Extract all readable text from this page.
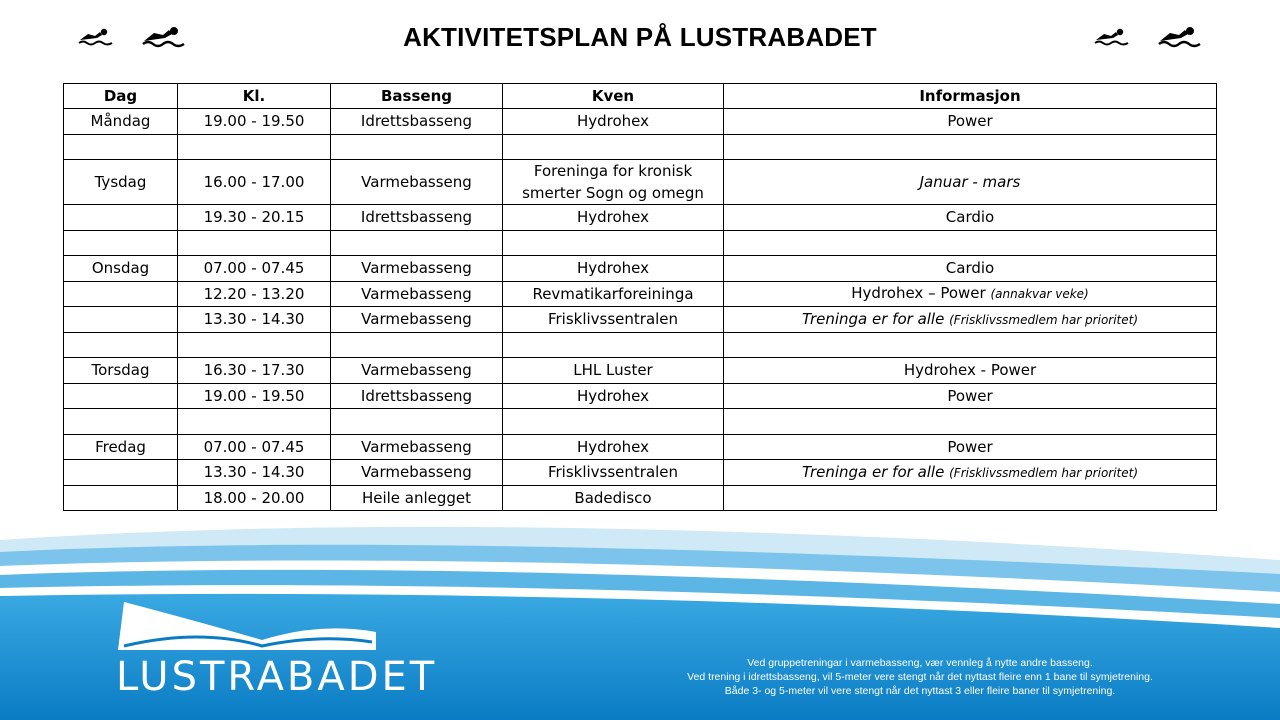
AKTIVITETSPLAN PÅ LUSTRABADET
Dag	Kl.	Basseng	Kven	Informasjon
Måndag	19.00 - 19.50	Idrettsbasseng	Hydrohex	Power

Tysdag	16.00 - 17.00	Varmebasseng	Foreninga for kronisk smerter Sogn og omegn	Januar - mars
	19.30 - 20.15	Idrettsbasseng	Hydrohex	Cardio

Onsdag	07.00 - 07.45	Varmebasseng	Hydrohex	Cardio
	12.20 - 13.20	Varmebasseng	Revmatikarforeininga	Hydrohex – Power (annakvar veke)
	13.30 - 14.30	Varmebasseng	Frisklivssentralen	Treninga er for alle (Frisklivssmedlem har prioritet)

Torsdag	16.30 - 17.30	Varmebasseng	LHL Luster	Hydrohex - Power
	19.00 - 19.50	Idrettsbasseng	Hydrohex	Power

Fredag	07.00 - 07.45	Varmebasseng	Hydrohex	Power
	13.30 - 14.30	Varmebasseng	Frisklivssentralen	Treninga er for alle (Frisklivssmedlem har prioritet)
	18.00 - 20.00	Heile anlegget	Badedisco	
LUSTRABADET	Ved gruppetreningar i varmebasseng, vær vennleg å nytte andre basseng.
Ved trening i idrettsbasseng, vil 5-meter vere stengt når det nyttast fleire enn 1 bane til symjetrening.
Både 3- og 5-meter vil vere stengt når det nyttast 3 eller fleire baner til symjetrening.
